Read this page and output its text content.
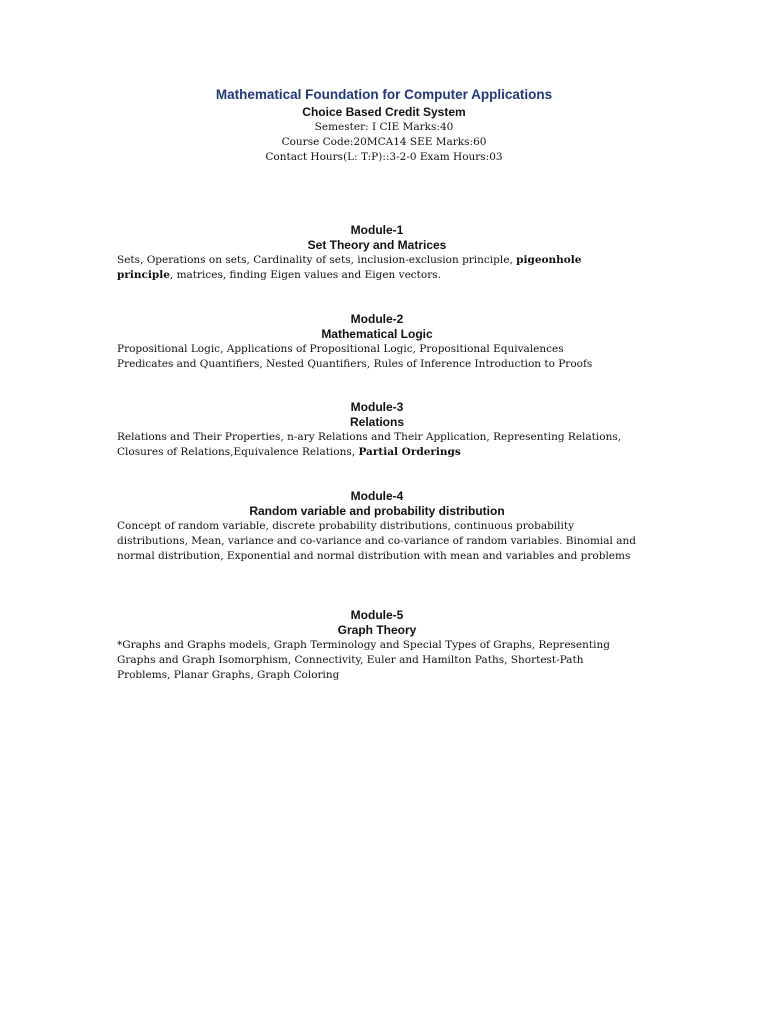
Mathematical Foundation for Computer Applications
Choice Based Credit System
Semester: I CIE Marks:40
Course Code:20MCA14 SEE Marks:60
Contact Hours(L: T:P)::3-2-0 Exam Hours:03
Module-1
Set Theory and Matrices

Sets, Operations on sets, Cardinality of sets, inclusion-exclusion principle, pigeonhole principle, matrices, finding Eigen values and Eigen vectors.

Module-2
Mathematical Logic

Propositional Logic, Applications of Propositional Logic, Propositional Equivalences
Predicates and Quantifiers, Nested Quantifiers, Rules of Inference Introduction to Proofs

Module-3
Relations

Relations and Their Properties, n-ary Relations and Their Application, Representing Relations, Closures of Relations,Equivalence Relations, Partial Orderings

Module-4
Random variable and probability distribution

Concept of random variable, discrete probability distributions, continuous probability distributions, Mean, variance and co-variance and co-variance of random variables. Binomial and normal distribution, Exponential and normal distribution with mean and variables and problems

Module-5
Graph Theory

*Graphs and Graphs models, Graph Terminology and Special Types of Graphs, Representing Graphs and Graph Isomorphism, Connectivity, Euler and Hamilton Paths, Shortest-Path Problems, Planar Graphs, Graph Coloring
